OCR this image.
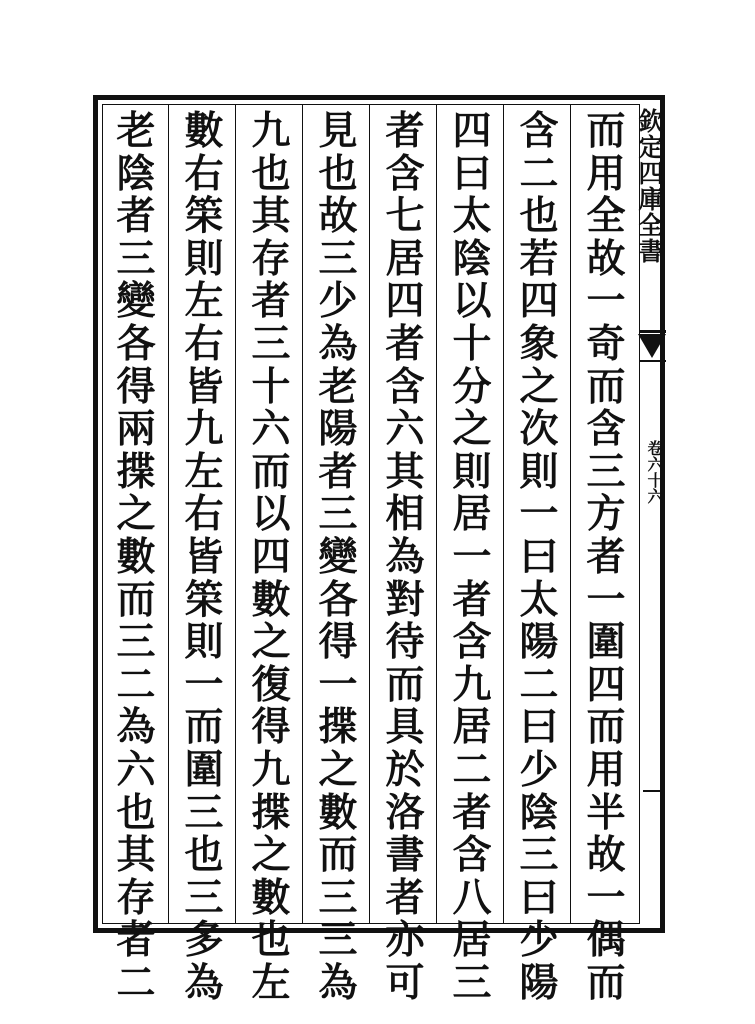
而
用
全
故
一
奇
而
含
三
方
者
一
圍
四
而
用
半
故
一
偶
而
含
二
也
若
四
象
之
次
則
一
曰
太
陽
二
曰
少
陰
三
曰
少
陽
四
曰
太
陰
以
十
分
之
則
居
一
者
含
九
居
二
者
含
八
居
三
者
含
七
居
四
者
含
六
其
相
為
對
待
而
具
於
洛
書
者
亦
可
見
也
故
三
少
為
老
陽
者
三
變
各
得
一
揲
之
數
而
三
三
為
九
也
其
存
者
三
十
六
而
以
四
數
之
復
得
九
揲
之
數
也
左
數
右
筞
則
左
右
皆
九
左
右
皆
筞
則
一
而
圍
三
也
三
多
為
老
陰
者
三
變
各
得
兩
揲
之
數
而
三
二
為
六
也
其
存
者
二
欽定四庫全書
卷六十六
